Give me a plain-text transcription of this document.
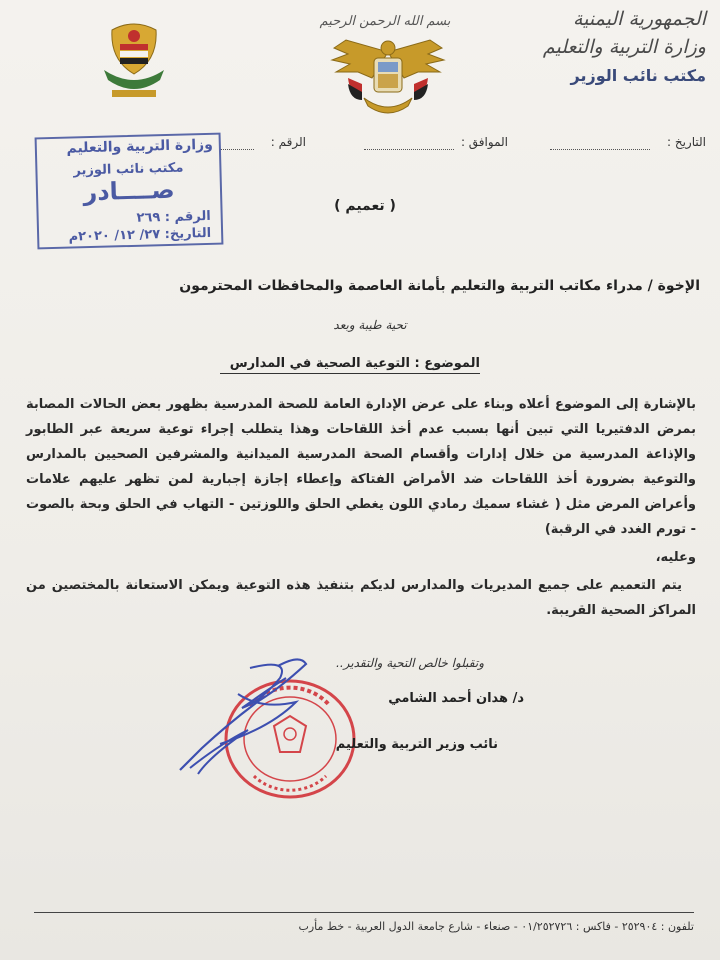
الجمهورية اليمنية
وزارة التربية والتعليم
مكتب نائب الوزير
بسم الله الرحمن الرحيم
التاريخ :
الموافق :
الرقم :
وزارة التربية والتعليم
مكتب نائب الوزير
صــــادر
الرقم : ٢٦٩
التاريخ: ٢٧/ ١٢/ ٢٠٢٠م
( تعميم )
الإخوة / مدراء مكاتب التربية والتعليم بأمانة العاصمة والمحافظات المحترمون
تحية طيبة وبعد
الموضوع : التوعية الصحية في المدارس

بالإشارة إلى الموضوع أعلاه وبناء على عرض الإدارة العامة للصحة المدرسية بظهور بعض الحالات المصابة بمرض الدفتيريا التي تبين أنها بسبب عدم أخذ اللقاحات وهذا يتطلب إجراء توعية سريعة عبر الطابور والإذاعة المدرسية من خلال إدارات وأقسام الصحة المدرسية الميدانية والمشرفين الصحيين بالمدارس والتوعية بضرورة أخذ اللقاحات ضد الأمراض الفتاكة وإعطاء إجازة إجبارية لمن تظهر عليهم علامات وأعراض المرض مثل ( غشاء سميك رمادي اللون يغطي الحلق واللوزتين - التهاب في الحلق وبحة بالصوت - تورم الغدد في الرقبة)

وعليه،

يتم التعميم على جميع المديريات والمدارس لديكم بتنفيذ هذه التوعية ويمكن الاستعانة بالمختصين من المراكز الصحية القريبة.

وتقبلوا خالص التحية والتقدير..
د/ هدان أحمد الشامي
نائب وزير التربية والتعليم
تلفون : ٢٥٢٩٠٤ - فاكس : ٠١/٢٥٢٧٢٦ - صنعاء - شارع جامعة الدول العربية - خط مأرب
